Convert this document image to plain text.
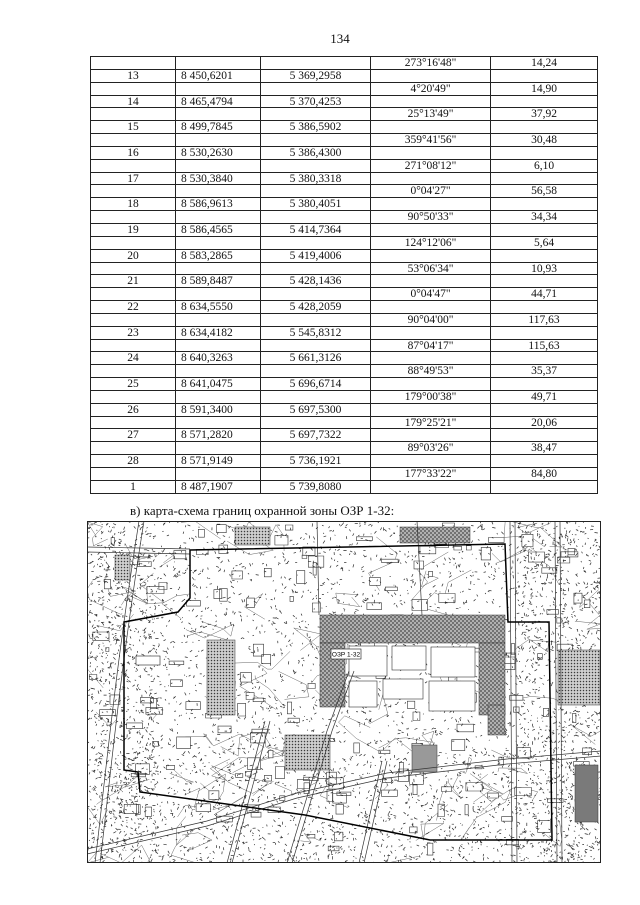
134
273°16'48"	14,24
13	8 450,6201	5 369,2958
4°20'49"	14,90
14	8 465,4794	5 370,4253
25°13'49"	37,92
15	8 499,7845	5 386,5902
359°41'56"	30,48
16	8 530,2630	5 386,4300
271°08'12"	6,10
17	8 530,3840	5 380,3318
0°04'27"	56,58
18	8 586,9613	5 380,4051
90°50'33"	34,34
19	8 586,4565	5 414,7364
124°12'06"	5,64
20	8 583,2865	5 419,4006
53°06'34"	10,93
21	8 589,8487	5 428,1436
0°04'47"	44,71
22	8 634,5550	5 428,2059
90°04'00"	117,63
23	8 634,4182	5 545,8312
87°04'17"	115,63
24	8 640,3263	5 661,3126
88°49'53"	35,37
25	8 641,0475	5 696,6714
179°00'38"	49,71
26	8 591,3400	5 697,5300
179°25'21"	20,06
27	8 571,2820	5 697,7322
89°03'26"	38,47
28	8 571,9149	5 736,1921
177°33'22"	84,80
1	8 487,1907	5 739,8080
в) карта-схема границ охранной зоны ОЗР 1-32:
ОЗР 1-32
